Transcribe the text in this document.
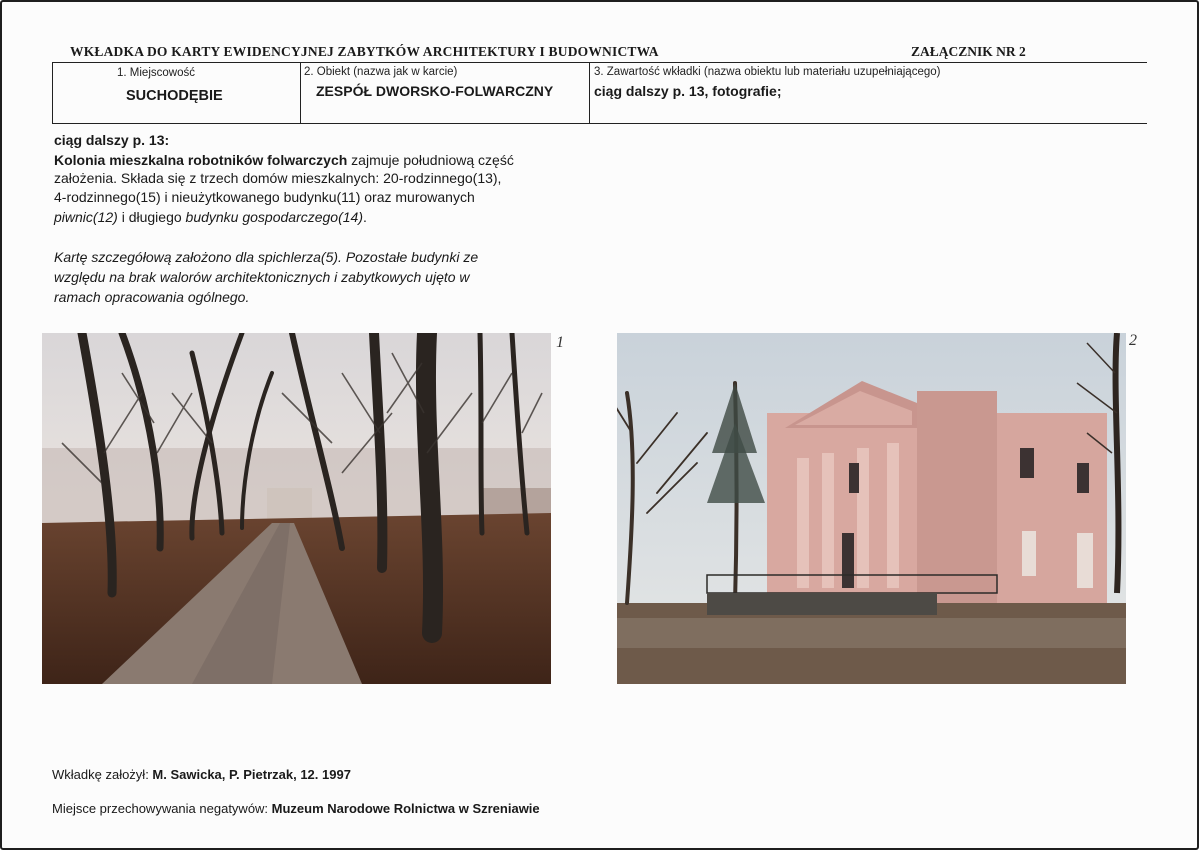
WKŁADKA DO KARTY EWIDENCYJNEJ ZABYTKÓW ARCHITEKTURY I BUDOWNICTWA	ZAŁĄCZNIK NR 2
1. Miejscowość
SUCHODĘBIE
2. Obiekt (nazwa jak w karcie)
ZESPÓŁ DWORSKO-FOLWARCZNY
3. Zawartość wkładki (nazwa obiektu lub materiału uzupełniającego)
ciąg dalszy p. 13, fotografie;
ciąg dalszy p. 13:
Kolonia mieszkalna robotników folwarczych zajmuje południową część
założenia. Składa się z trzech domów mieszkalnych: 20-rodzinnego(13),
4-rodzinnego(15) i nieużytkowanego budynku(11) oraz murowanych
piwnic(12) i długiego budynku gospodarczego(14).
Kartę szczegółową założono dla spichlerza(5). Pozostałe budynki ze
względu na brak walorów architektonicznych i zabytkowych ujęto w
ramach opracowania ogólnego.
1	2
Wkładkę założył: M. Sawicka, P. Pietrzak, 12. 1997
Miejsce przechowywania negatywów: Muzeum Narodowe Rolnictwa w Szreniawie
